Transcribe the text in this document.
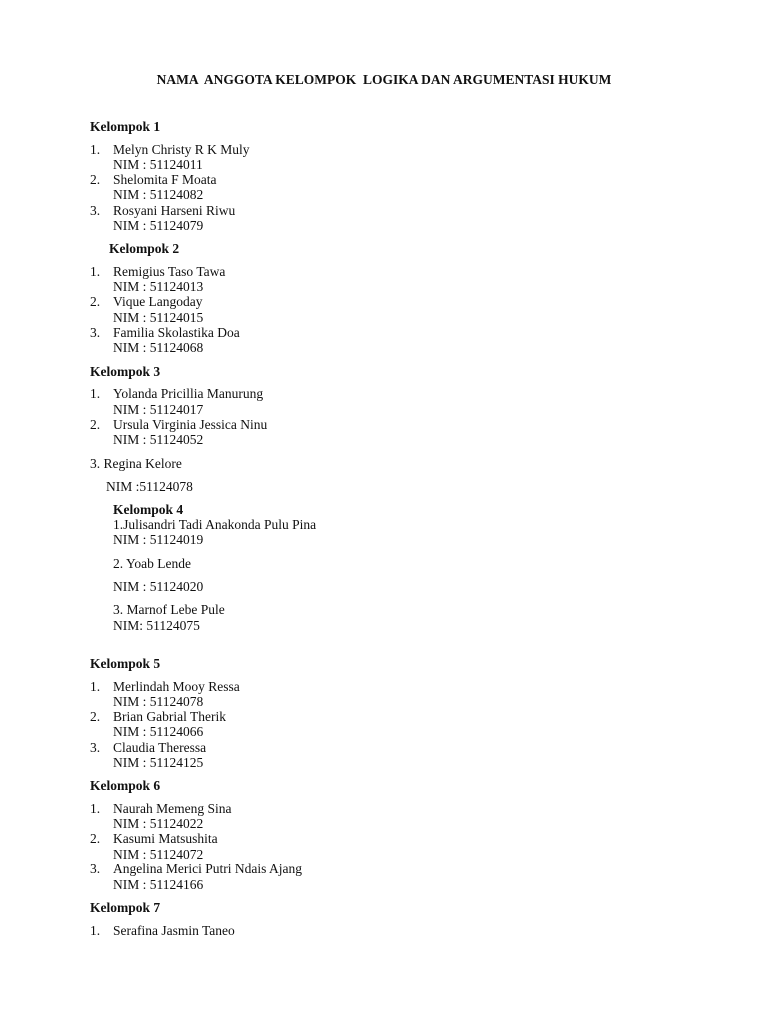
NAMA  ANGGOTA KELOMPOK  LOGIKA DAN ARGUMENTASI HUKUM
Kelompok 1
1. Melyn Christy R K Muly
NIM : 51124011
2. Shelomita F Moata
NIM : 51124082
3. Rosyani Harseni Riwu
NIM : 51124079
Kelompok 2
1. Remigius Taso Tawa
NIM : 51124013
2. Vique Langoday
NIM : 51124015
3. Familia Skolastika Doa
NIM : 51124068
Kelompok 3
1. Yolanda Pricillia Manurung
NIM : 51124017
2. Ursula Virginia Jessica Ninu
NIM : 51124052
3. Regina Kelore
NIM :51124078
Kelompok 4
1.Julisandri Tadi Anakonda Pulu Pina
NIM : 51124019
2. Yoab Lende
NIM : 51124020
3. Marnof Lebe Pule
NIM: 51124075
Kelompok 5
1. Merlindah Mooy Ressa
NIM : 51124078
2. Brian Gabrial Therik
NIM : 51124066
3. Claudia Theressa
NIM : 51124125
Kelompok 6
1. Naurah Memeng Sina
NIM : 51124022
2. Kasumi Matsushita
NIM : 51124072
3. Angelina Merici Putri Ndais Ajang
NIM : 51124166
Kelompok 7
1. Serafina Jasmin Taneo
